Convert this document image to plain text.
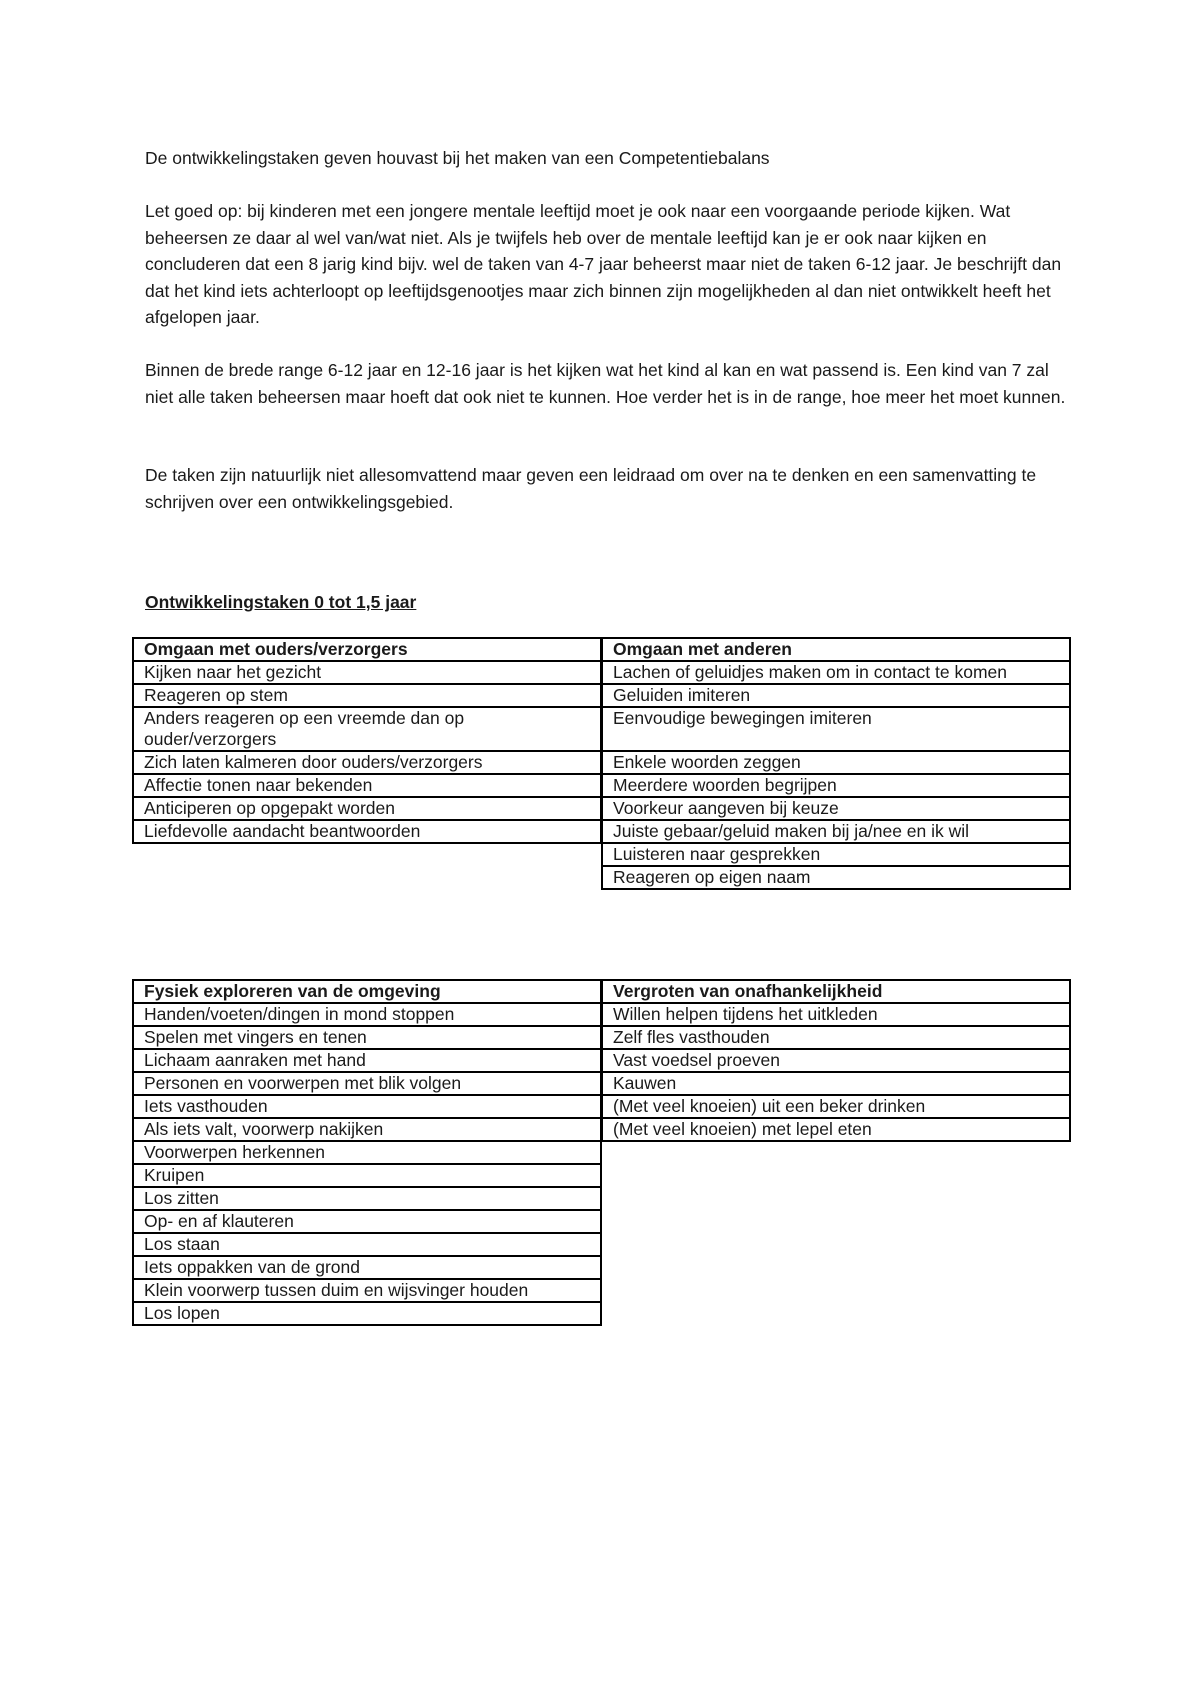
De ontwikkelingstaken geven houvast bij het maken van een Competentiebalans

Let goed op: bij kinderen met een jongere mentale leeftijd moet je ook naar een voorgaande periode kijken. Wat beheersen ze daar al wel van/wat niet. Als je twijfels heb over de mentale leeftijd kan je er ook naar kijken en concluderen dat een 8 jarig kind bijv. wel de taken van 4-7 jaar beheerst maar niet de taken 6-12 jaar. Je beschrijft dan dat het kind iets achterloopt op leeftijdsgenootjes maar zich binnen zijn mogelijkheden al dan niet ontwikkelt heeft het afgelopen jaar.

Binnen de brede range 6-12 jaar en 12-16 jaar is het kijken wat het kind al kan en wat passend is. Een kind van 7 zal niet alle taken beheersen maar hoeft dat ook niet te kunnen. Hoe verder het is in de range, hoe meer het moet kunnen.

De taken zijn natuurlijk niet allesomvattend maar geven een leidraad om over na te denken en een samenvatting te schrijven over een ontwikkelingsgebied.

Ontwikkelingstaken 0 tot 1,5 jaar

Omgaan met ouders/verzorgers
Kijken naar het gezicht
Reageren op stem
Anders reageren op een vreemde dan op ouder/verzorgers
Zich laten kalmeren door ouders/verzorgers
Affectie tonen naar bekenden
Anticiperen op opgepakt worden
Liefdevolle aandacht beantwoorden
Omgaan met anderen
Lachen of geluidjes maken om in contact te komen
Geluiden imiteren
Eenvoudige bewegingen imiteren
Enkele woorden zeggen
Meerdere woorden begrijpen
Voorkeur aangeven bij keuze
Juiste gebaar/geluid maken bij ja/nee en ik wil
Luisteren naar gesprekken
Reageren op eigen naam
Fysiek exploreren van de omgeving
Handen/voeten/dingen in mond stoppen
Spelen met vingers en tenen
Lichaam aanraken met hand
Personen en voorwerpen met blik volgen
Iets vasthouden
Als iets valt, voorwerp nakijken
Voorwerpen herkennen
Kruipen
Los zitten
Op- en af klauteren
Los staan
Iets oppakken van de grond
Klein voorwerp tussen duim en wijsvinger houden
Los lopen
Vergroten van onafhankelijkheid
Willen helpen tijdens het uitkleden
Zelf fles vasthouden
Vast voedsel proeven
Kauwen
(Met veel knoeien) uit een beker drinken
(Met veel knoeien) met lepel eten
